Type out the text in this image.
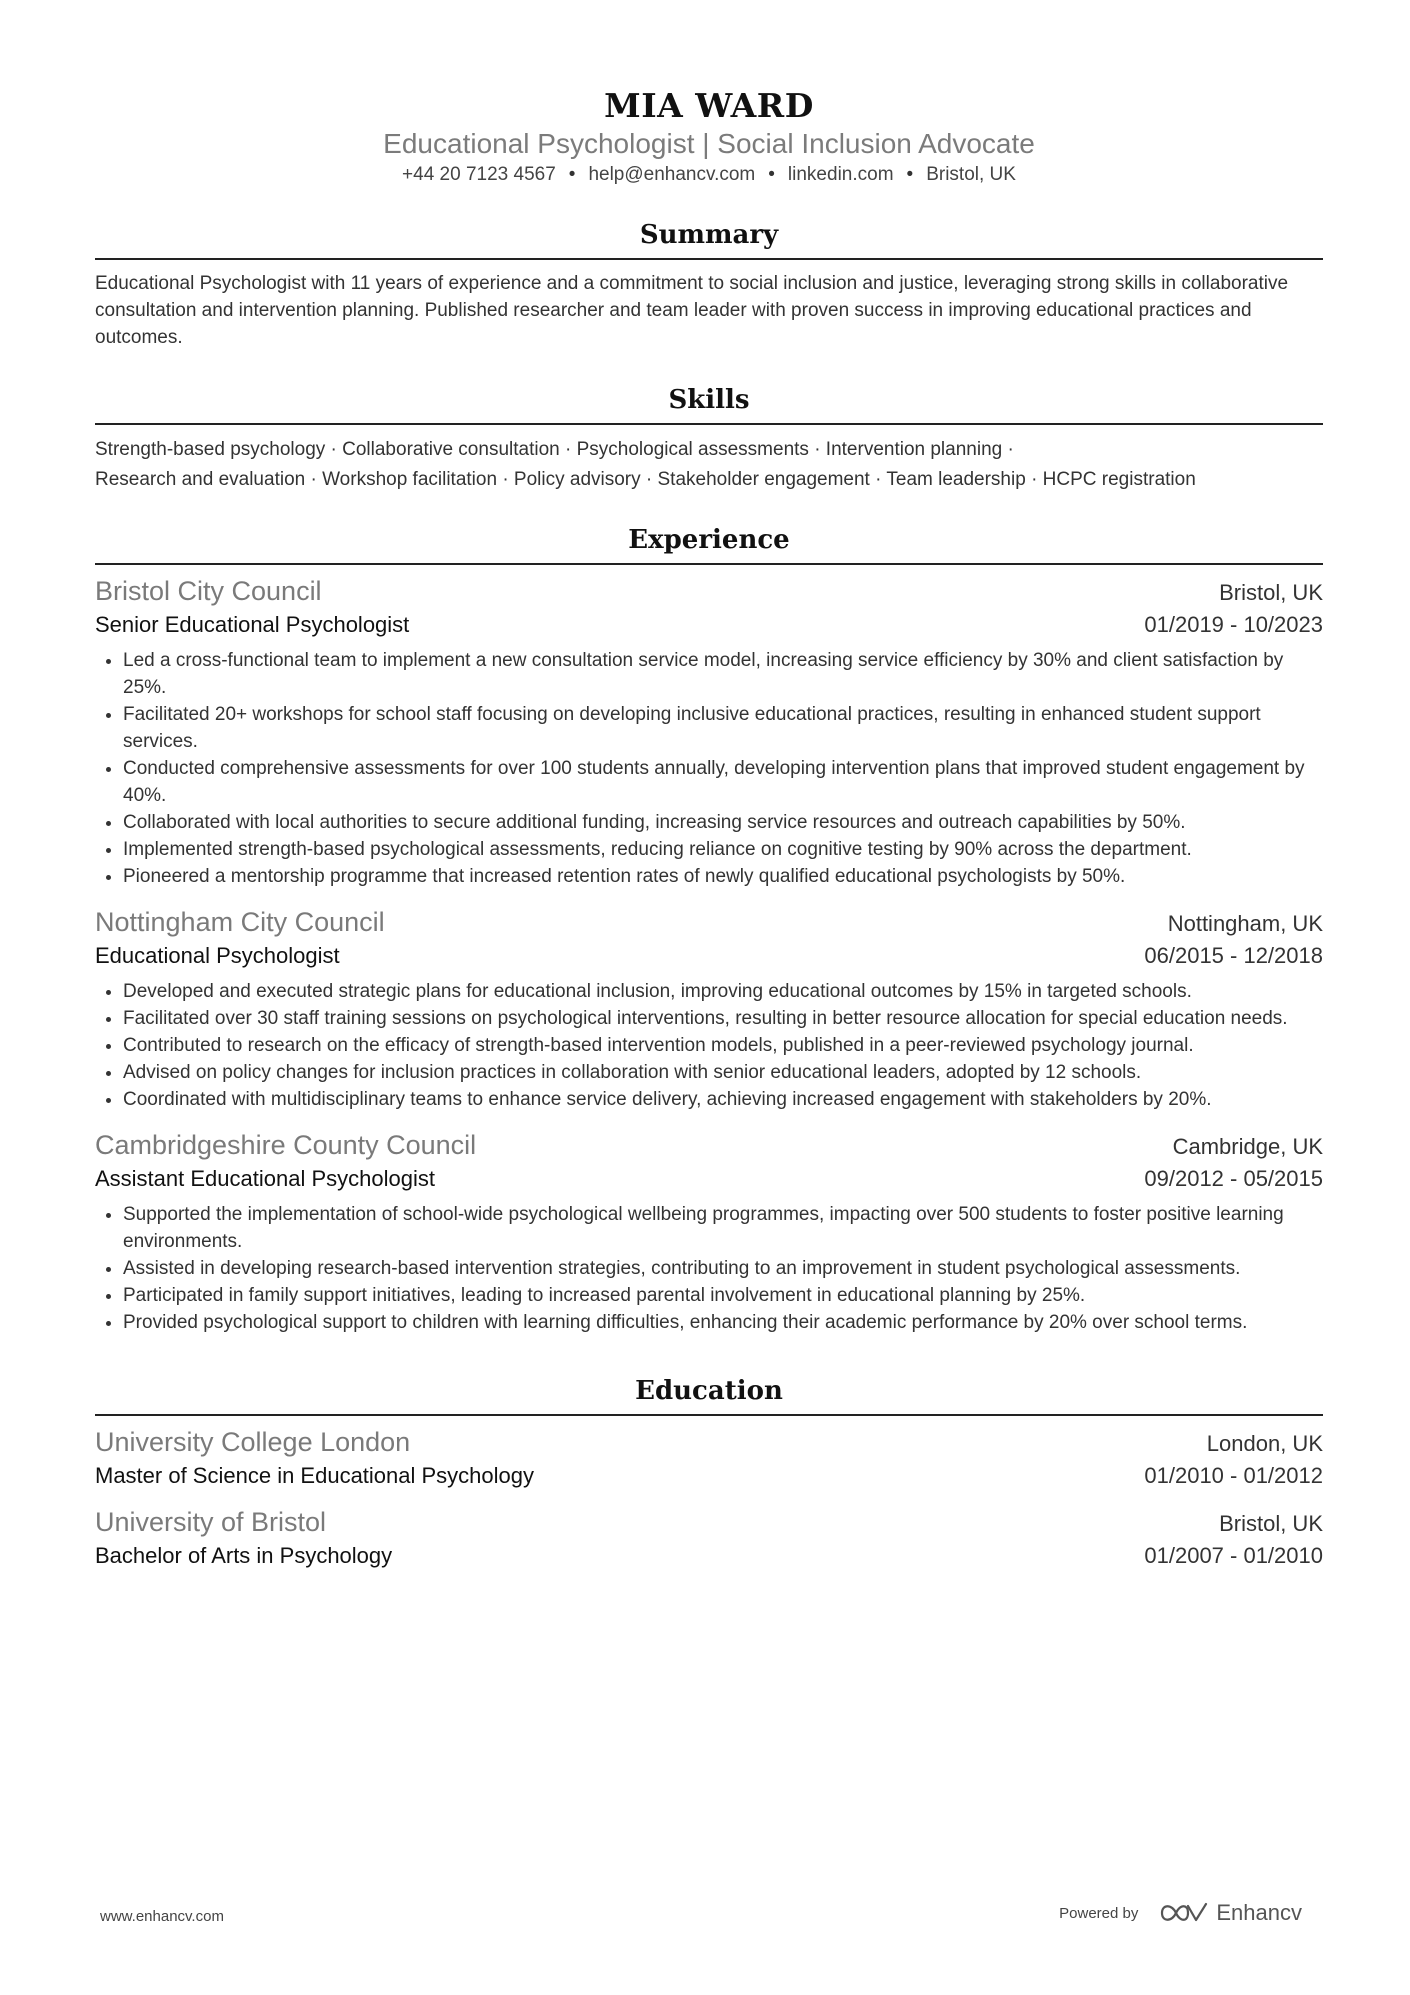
MIA WARD
Educational Psychologist | Social Inclusion Advocate
+44 20 7123 4567 • help@enhancv.com • linkedin.com • Bristol, UK
Summary
Educational Psychologist with 11 years of experience and a commitment to social inclusion and justice, leveraging strong skills in collaborative consultation and intervention planning. Published researcher and team leader with proven success in improving educational practices and outcomes.
Skills
Strength-based psychology · Collaborative consultation · Psychological assessments · Intervention planning ·
Research and evaluation · Workshop facilitation · Policy advisory · Stakeholder engagement · Team leadership · HCPC registration
Experience
Bristol City Council	Bristol, UK
Senior Educational Psychologist	01/2019 - 10/2023
• Led a cross-functional team to implement a new consultation service model, increasing service efficiency by 30% and client satisfaction by 25%.
• Facilitated 20+ workshops for school staff focusing on developing inclusive educational practices, resulting in enhanced student support services.
• Conducted comprehensive assessments for over 100 students annually, developing intervention plans that improved student engagement by 40%.
• Collaborated with local authorities to secure additional funding, increasing service resources and outreach capabilities by 50%.
• Implemented strength-based psychological assessments, reducing reliance on cognitive testing by 90% across the department.
• Pioneered a mentorship programme that increased retention rates of newly qualified educational psychologists by 50%.
Nottingham City Council	Nottingham, UK
Educational Psychologist	06/2015 - 12/2018
• Developed and executed strategic plans for educational inclusion, improving educational outcomes by 15% in targeted schools.
• Facilitated over 30 staff training sessions on psychological interventions, resulting in better resource allocation for special education needs.
• Contributed to research on the efficacy of strength-based intervention models, published in a peer-reviewed psychology journal.
• Advised on policy changes for inclusion practices in collaboration with senior educational leaders, adopted by 12 schools.
• Coordinated with multidisciplinary teams to enhance service delivery, achieving increased engagement with stakeholders by 20%.
Cambridgeshire County Council	Cambridge, UK
Assistant Educational Psychologist	09/2012 - 05/2015
• Supported the implementation of school-wide psychological wellbeing programmes, impacting over 500 students to foster positive learning environments.
• Assisted in developing research-based intervention strategies, contributing to an improvement in student psychological assessments.
• Participated in family support initiatives, leading to increased parental involvement in educational planning by 25%.
• Provided psychological support to children with learning difficulties, enhancing their academic performance by 20% over school terms.
Education
University College London	London, UK
Master of Science in Educational Psychology	01/2010 - 01/2012
University of Bristol	Bristol, UK
Bachelor of Arts in Psychology	01/2007 - 01/2010
www.enhancv.com	Powered by	Enhancv
